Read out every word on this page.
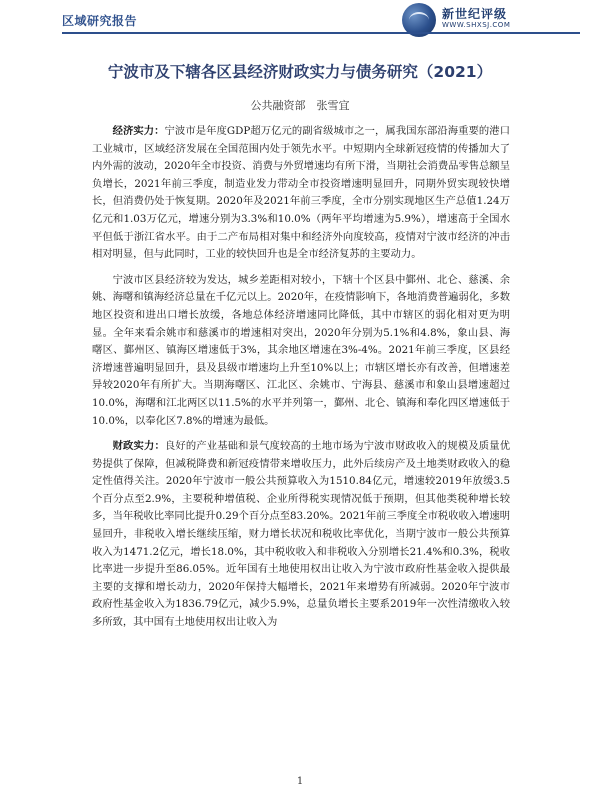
区域研究报告	新世纪评级
WWW.SHXSJ.COM
宁波市及下辖各区县经济财政实力与债务研究（2021）
公共融资部　张雪宜

经济实力：宁波市是年度GDP超万亿元的副省级城市之一，属我国东部沿海重要的港口工业城市，区域经济发展在全国范围内处于领先水平。中短期内全球新冠疫情的传播加大了内外需的波动，2020年全市投资、消费与外贸增速均有所下滑，当期社会消费品零售总额呈负增长，2021年前三季度，制造业发力带动全市投资增速明显回升，同期外贸实现较快增长，但消费仍处于恢复期。2020年及2021年前三季度，全市分别实现地区生产总值1.24万亿元和1.03万亿元，增速分别为3.3%和10.0%（两年平均增速为5.9%），增速高于全国水平但低于浙江省水平。由于二产布局相对集中和经济外向度较高，疫情对宁波市经济的冲击相对明显，但与此同时，工业的较快回升也是全市经济复苏的主要动力。

宁波市区县经济较为发达，城乡差距相对较小，下辖十个区县中鄞州、北仑、慈溪、余姚、海曙和镇海经济总量在千亿元以上。2020年，在疫情影响下，各地消费普遍弱化，多数地区投资和进出口增长放缓，各地总体经济增速同比降低，其中市辖区的弱化相对更为明显。全年来看余姚市和慈溪市的增速相对突出，2020年分别为5.1%和4.8%，象山县、海曙区、鄞州区、镇海区增速低于3%，其余地区增速在3%-4%。2021年前三季度，区县经济增速普遍明显回升，县及县级市增速均上升至10%以上；市辖区增长亦有改善，但增速差异较2020年有所扩大。当期海曙区、江北区、余姚市、宁海县、慈溪市和象山县增速超过10.0%，海曙和江北两区以11.5%的水平并列第一，鄞州、北仑、镇海和奉化四区增速低于10.0%，以奉化区7.8%的增速为最低。

财政实力：良好的产业基础和景气度较高的土地市场为宁波市财政收入的规模及质量优势提供了保障，但减税降费和新冠疫情带来增收压力，此外后续房产及土地类财政收入的稳定性值得关注。2020年宁波市一般公共预算收入为1510.84亿元，增速较2019年放缓3.5个百分点至2.9%，主要税种增值税、企业所得税实现情况低于预期，但其他类税种增长较多，当年税收比率同比提升0.29个百分点至83.20%。2021年前三季度全市税收收入增速明显回升，非税收入增长继续压缩，财力增长状况和税收比率优化，当期宁波市一般公共预算收入为1471.2亿元，增长18.0%，其中税收收入和非税收入分别增长21.4%和0.3%，税收比率进一步提升至86.05%。近年国有土地使用权出让收入为宁波市政府性基金收入提供最主要的支撑和增长动力，2020年保持大幅增长，2021年来增势有所减弱。2020年宁波市政府性基金收入为1836.79亿元，减少5.9%，总量负增长主要系2019年一次性清缴收入较多所致，其中国有土地使用权出让收入为

1
